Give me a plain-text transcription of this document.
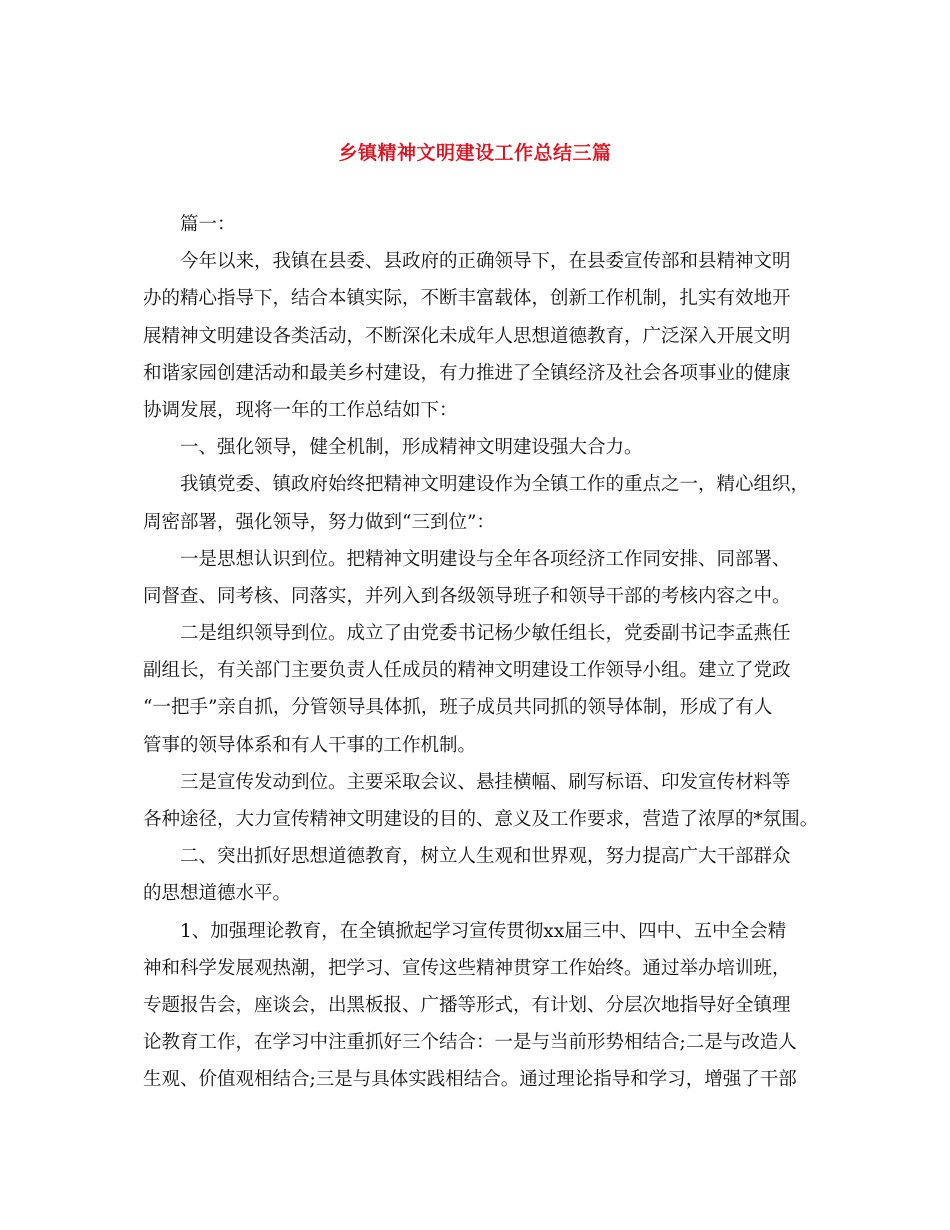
乡镇精神文明建设工作总结三篇
篇一：
今年以来，我镇在县委、县政府的正确领导下，在县委宣传部和县精神文明
办的精心指导下，结合本镇实际，不断丰富载体，创新工作机制，扎实有效地开
展精神文明建设各类活动，不断深化未成年人思想道德教育，广泛深入开展文明
和谐家园创建活动和最美乡村建设，有力推进了全镇经济及社会各项事业的健康
协调发展，现将一年的工作总结如下：
一、强化领导，健全机制，形成精神文明建设强大合力。
我镇党委、镇政府始终把精神文明建设作为全镇工作的重点之一，精心组织，
周密部署，强化领导，努力做到“三到位”：
一是思想认识到位。把精神文明建设与全年各项经济工作同安排、同部署、
同督查、同考核、同落实，并列入到各级领导班子和领导干部的考核内容之中。
二是组织领导到位。成立了由党委书记杨少敏任组长，党委副书记李孟燕任
副组长，有关部门主要负责人任成员的精神文明建设工作领导小组。建立了党政
“一把手”亲自抓，分管领导具体抓，班子成员共同抓的领导体制，形成了有人
管事的领导体系和有人干事的工作机制。
三是宣传发动到位。主要采取会议、悬挂横幅、刷写标语、印发宣传材料等
各种途径，大力宣传精神文明建设的目的、意义及工作要求，营造了浓厚的*氛围。
二、突出抓好思想道德教育，树立人生观和世界观，努力提高广大干部群众
的思想道德水平。
1、加强理论教育，在全镇掀起学习宣传贯彻xx届三中、四中、五中全会精
神和科学发展观热潮，把学习、宣传这些精神贯穿工作始终。通过举办培训班，
专题报告会，座谈会，出黑板报、广播等形式，有计划、分层次地指导好全镇理
论教育工作，在学习中注重抓好三个结合：一是与当前形势相结合;二是与改造人
生观、价值观相结合;三是与具体实践相结合。通过理论指导和学习，增强了干部
